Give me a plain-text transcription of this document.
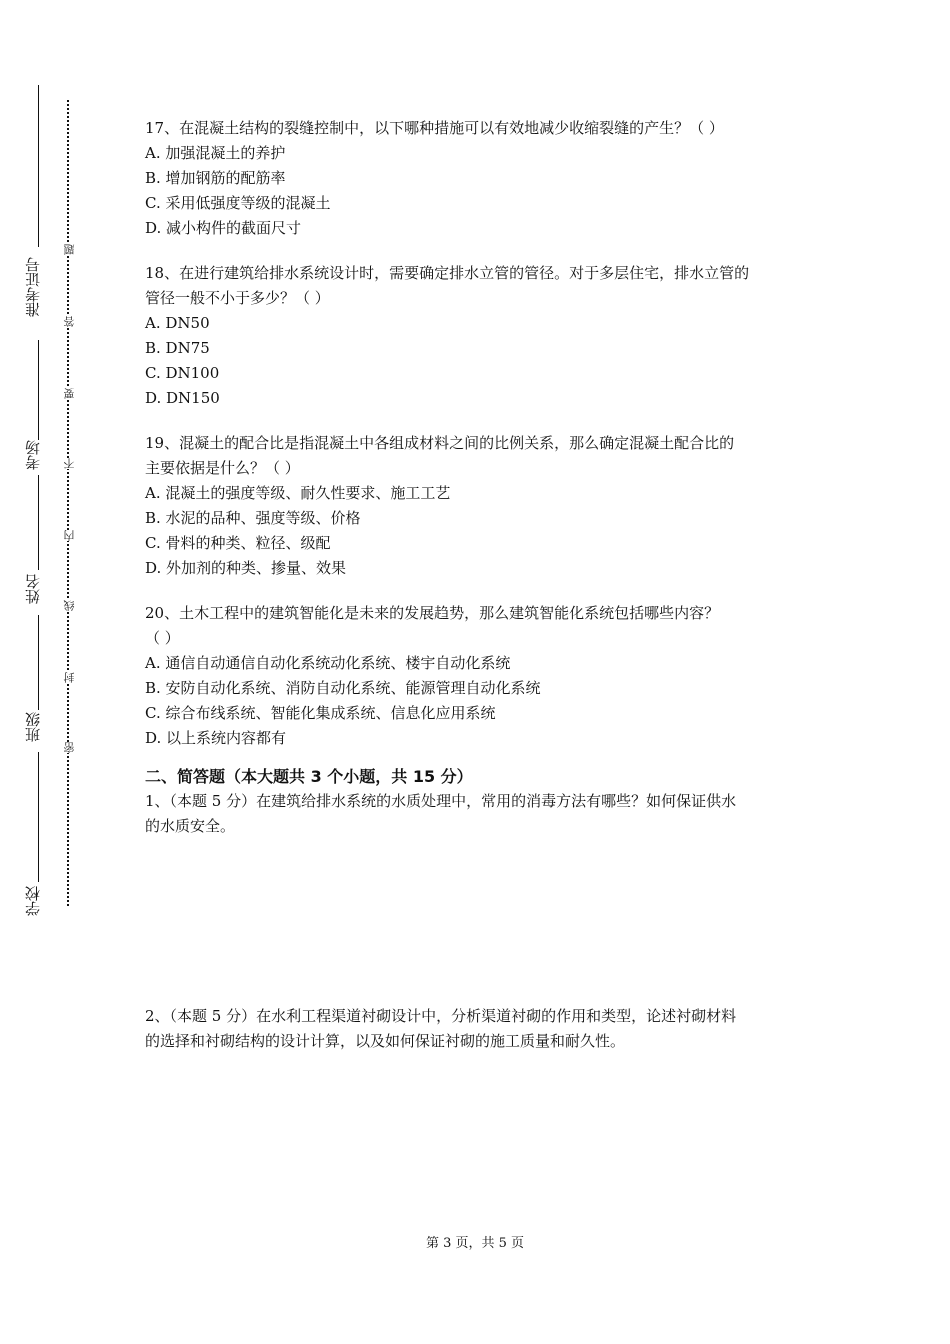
学校
班级
姓名
考场
准考证号
密
封
线
内
不
要
答
题

17、在混凝土结构的裂缝控制中，以下哪种措施可以有效地减少收缩裂缝的产生？（ ）

A. 加强混凝土的养护

B. 增加钢筋的配筋率

C. 采用低强度等级的混凝土

D. 减小构件的截面尺寸

18、在进行建筑给排水系统设计时，需要确定排水立管的管径。对于多层住宅，排水立管的

管径一般不小于多少？（ ）

A. DN50

B. DN75

C. DN100

D. DN150

19、混凝土的配合比是指混凝土中各组成材料之间的比例关系，那么确定混凝土配合比的

主要依据是什么？（ ）

A. 混凝土的强度等级、耐久性要求、施工工艺

B. 水泥的品种、强度等级、价格

C. 骨料的种类、粒径、级配

D. 外加剂的种类、掺量、效果

20、土木工程中的建筑智能化是未来的发展趋势，那么建筑智能化系统包括哪些内容？

（ ）

A. 通信自动通信自动化系统动化系统、楼宇自动化系统

B. 安防自动化系统、消防自动化系统、能源管理自动化系统

C. 综合布线系统、智能化集成系统、信息化应用系统

D. 以上系统内容都有

二、简答题（本大题共 3 个小题，共 15 分）

1、（本题 5 分）在建筑给排水系统的水质处理中，常用的消毒方法有哪些？如何保证供水

的水质安全。

2、（本题 5 分）在水利工程渠道衬砌设计中，分析渠道衬砌的作用和类型，论述衬砌材料

的选择和衬砌结构的设计计算，以及如何保证衬砌的施工质量和耐久性。

第 3 页，共 5 页
